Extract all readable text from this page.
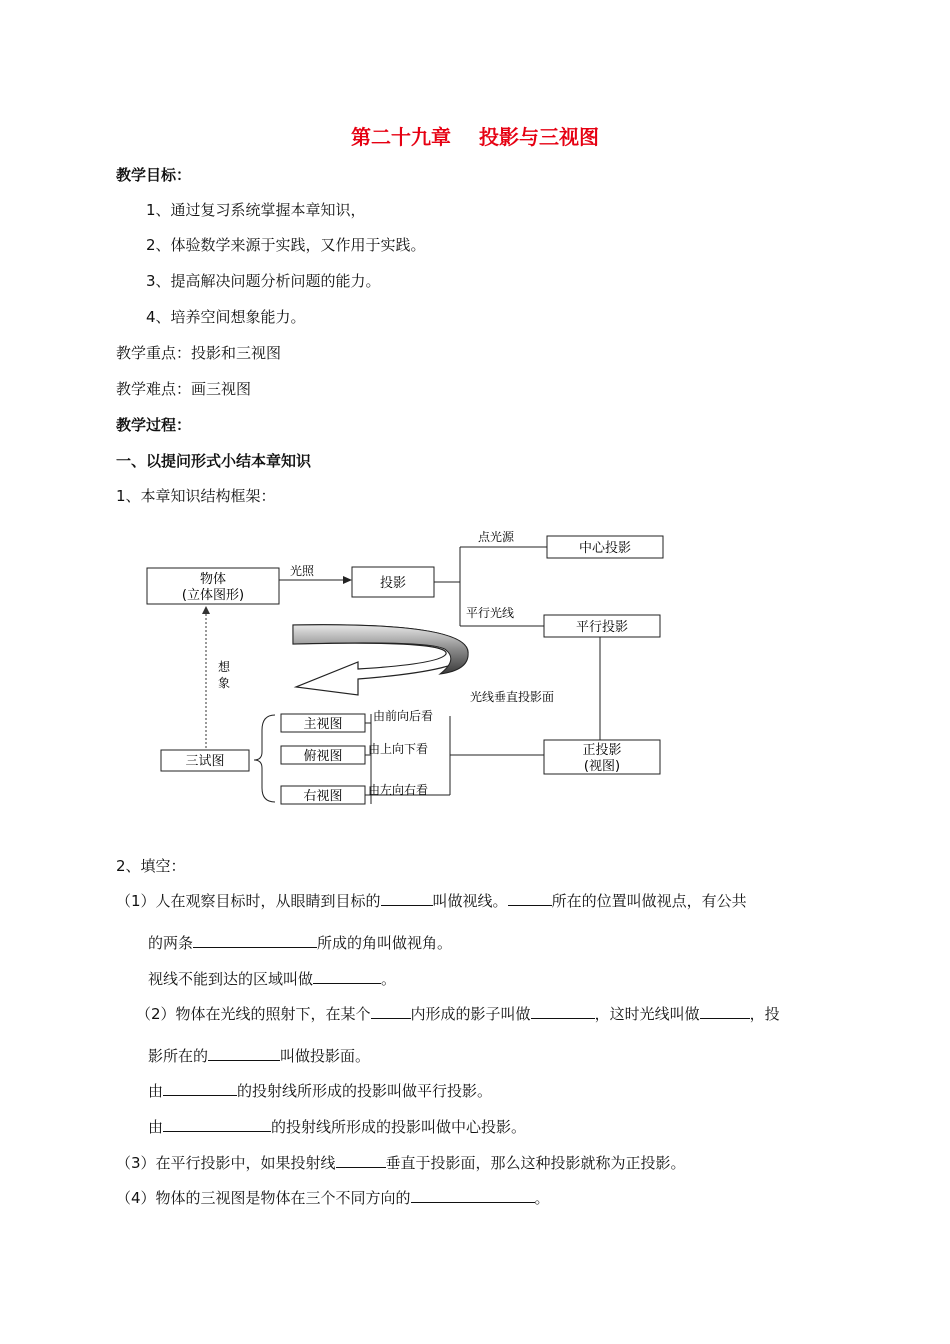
第二十九章 投影与三视图
教学目标：
1、通过复习系统掌握本章知识，
2、体验数学来源于实践，又作用于实践。
3、提高解决问题分析问题的能力。
4、培养空间想象能力。
教学重点：投影和三视图
教学难点：画三视图
教学过程：
一、以提问形式小结本章知识
1、本章知识结构框架：
物体
(立体图形)
光照
投影
点光源
平行光线
中心投影
平行投影
光线垂直投影面
想
象
三试图
主视图
俯视图
右视图
由前向后看
由上向下看
由左向右看
正投影
(视图)
2、填空：
（1）人在观察目标时，从眼睛到目标的	叫做视线。	所在的位置叫做视点，有公共
的两条	所成的角叫做视角。
视线不能到达的区域叫做	。
（2）物体在光线的照射下，在某个	内形成的影子叫做	，这时光线叫做	，投
影所在的	叫做投影面。
由	的投射线所形成的投影叫做平行投影。
由	的投射线所形成的投影叫做中心投影。
（3）在平行投影中，如果投射线	垂直于投影面，那么这种投影就称为正投影。
（4）物体的三视图是物体在三个不同方向的	。
